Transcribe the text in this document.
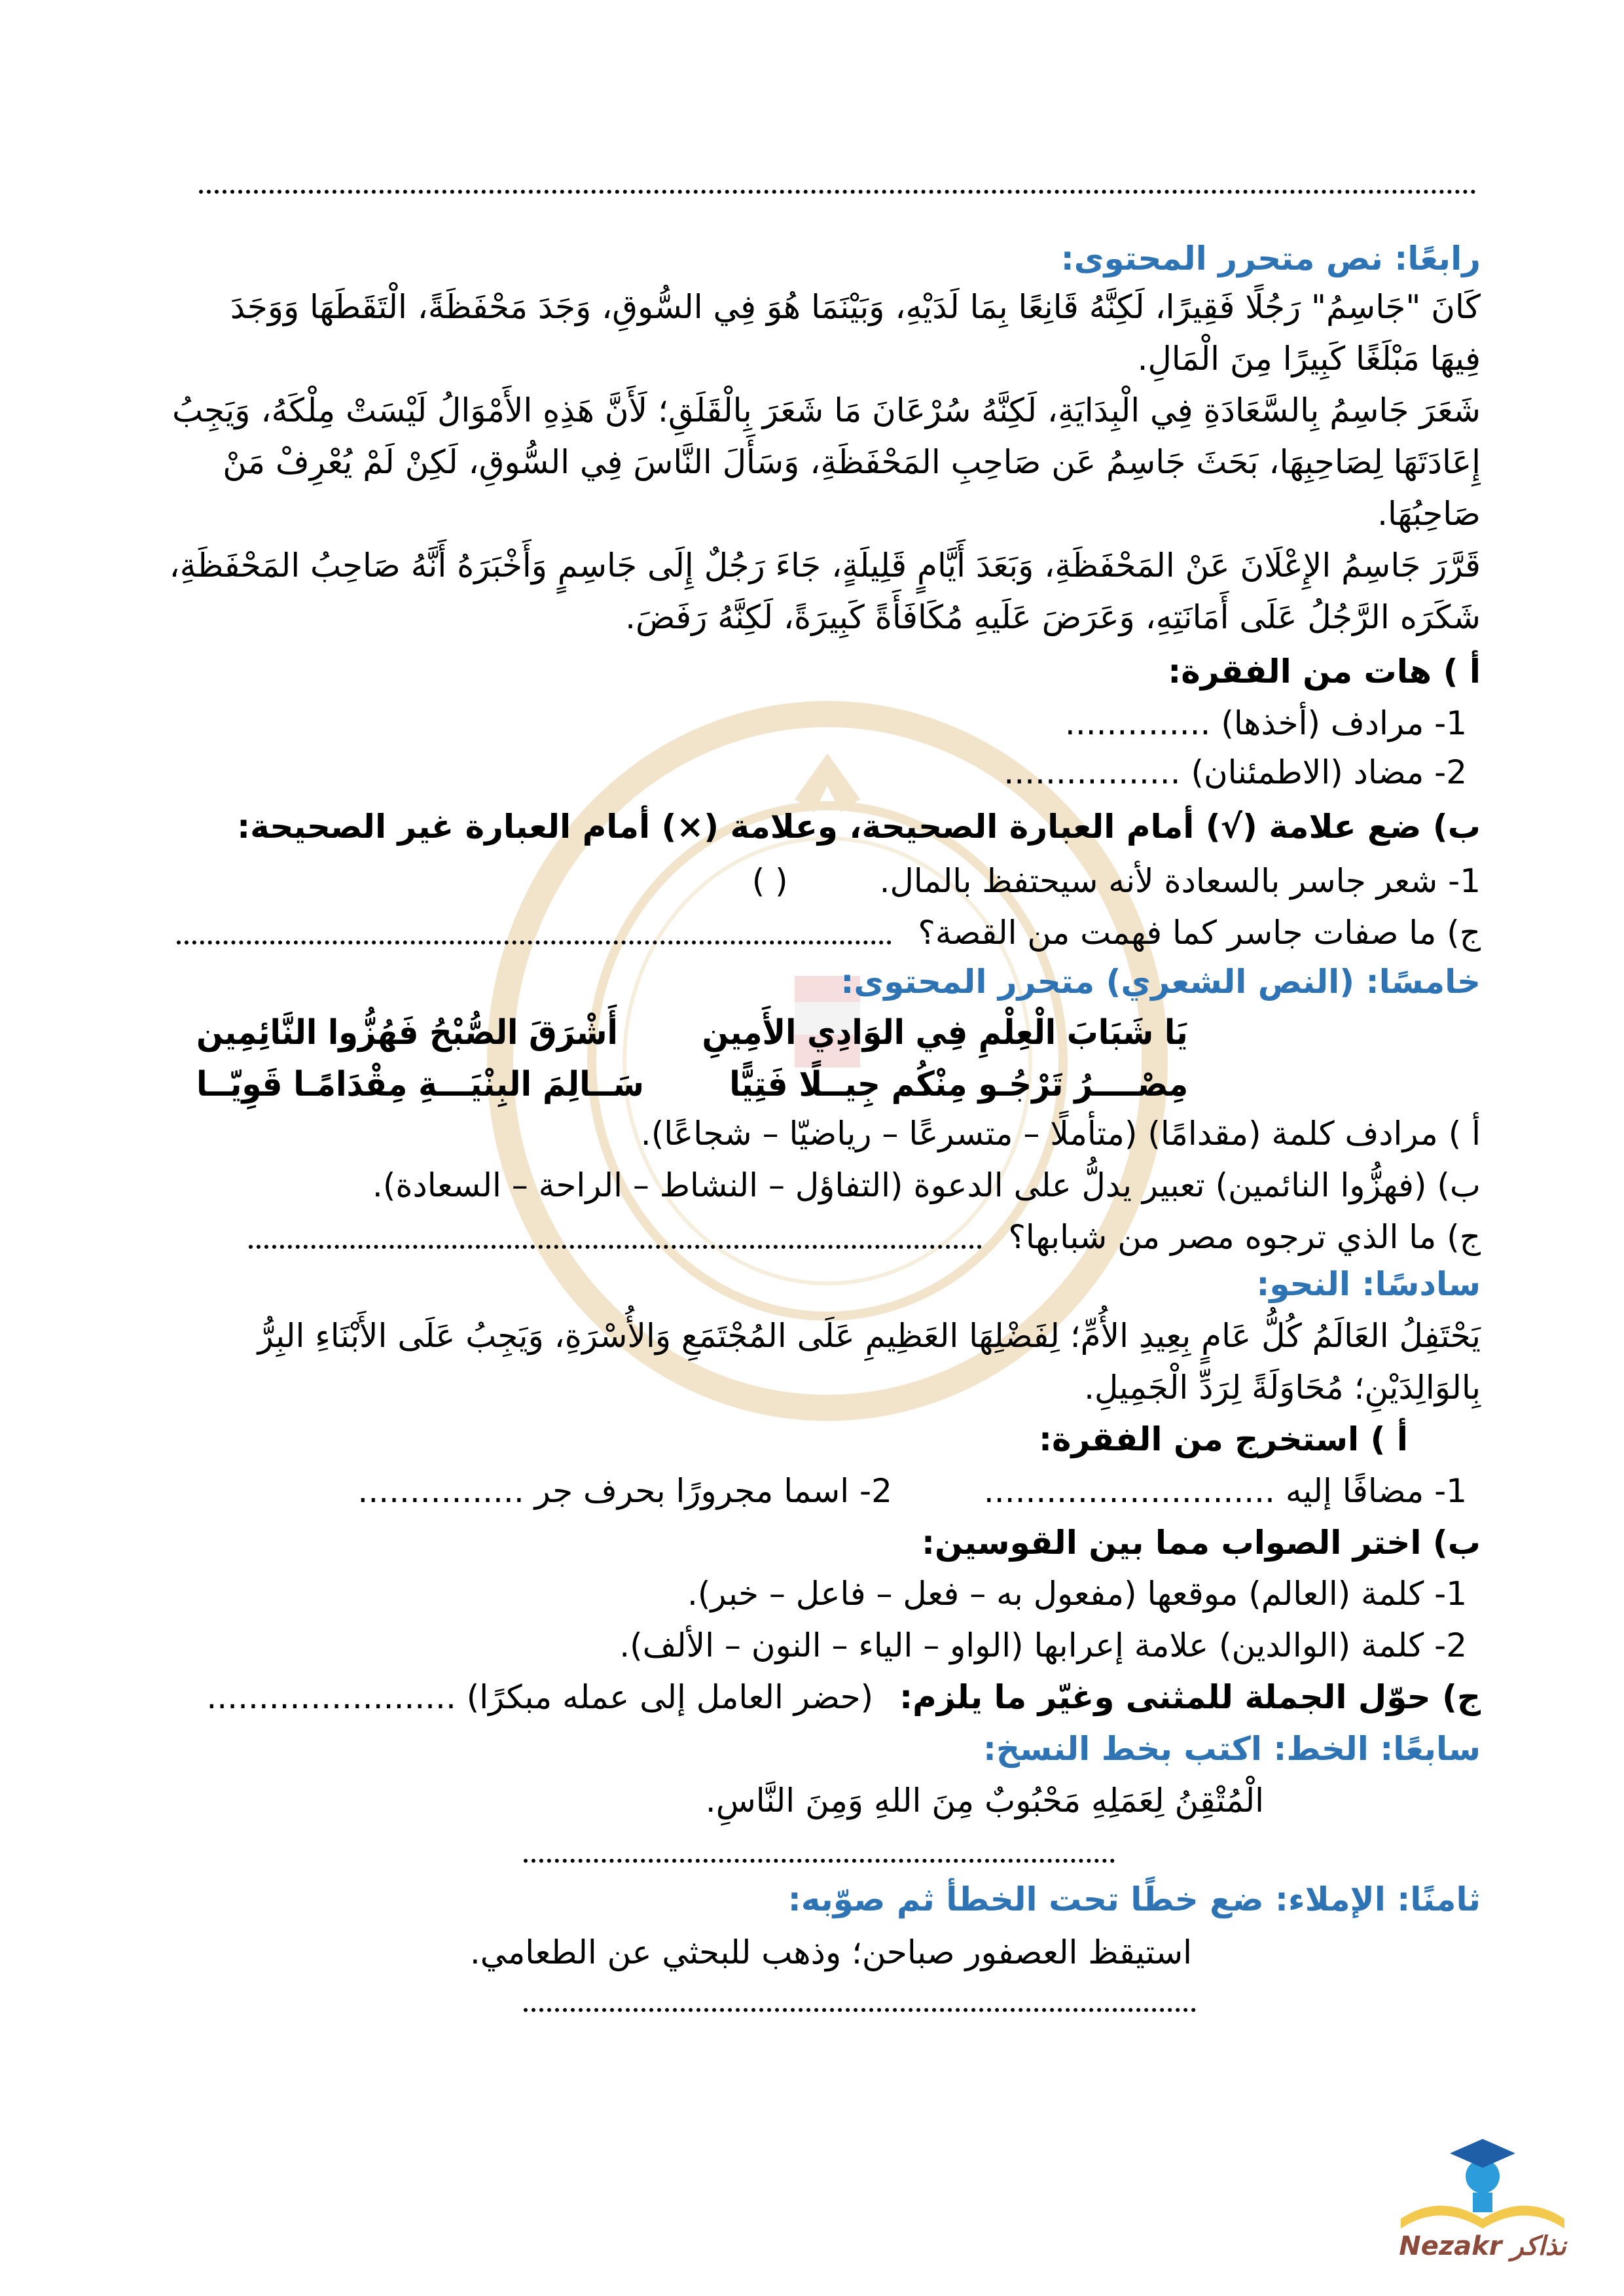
رابعًا: نص متحرر المحتوى:
كَانَ "جَاسِمُ" رَجُلًا فَقِيرًا، لَكِنَّهُ قَانِعًا بِمَا لَدَيْهِ، وَبَيْنَمَا هُوَ فِي السُّوقِ، وَجَدَ مَحْفَظَةً، الْتَقَطَهَا وَوَجَدَ
فِيهَا مَبْلَغًا كَبِيرًا مِنَ الْمَالِ.
شَعَرَ جَاسِمُ بِالسَّعَادَةِ فِي الْبِدَايَةِ، لَكِنَّهُ سُرْعَانَ مَا شَعَرَ بِالْقَلَقِ؛ لَأَنَّ هَذِهِ الأَمْوَالُ لَيْسَتْ مِلْكَهُ، وَيَجِبُ
إِعَادَتَهَا لِصَاحِبِهَا، بَحَثَ جَاسِمُ عَن صَاحِبِ المَحْفَظَةِ، وَسَأَلَ النَّاسَ فِي السُّوقِ، لَكِنْ لَمْ يُعْرِفْ مَنْ
صَاحِبُهَا.
قَرَّرَ جَاسِمُ الإِعْلَانَ عَنْ المَحْفَظَةِ، وَبَعَدَ أَيَّامٍ قَلِيلَةٍ، جَاءَ رَجُلٌ إِلَى جَاسِمٍ وَأَخْبَرَهُ أَنَّهُ صَاحِبُ المَحْفَظَةِ،
شَكَرَه الرَّجُلُ عَلَى أَمَانَتِهِ، وَعَرَضَ عَلَيهِ مُكَافَأَةً كَبِيرَةً، لَكِنَّهُ رَفَضَ.
أ ) هات من الفقرة:
1- مرادف (أخذها) ..............
2- مضاد (الاطمئنان) .................
ب) ضع علامة (√) أمام العبارة الصحيحة، وعلامة (×) أمام العبارة غير الصحيحة:
1- شعر جاسر بالسعادة لأنه سيحتفظ بالمال.
( )
ج) ما صفات جاسر كما فهمت من القصة؟
خامسًا: (النص الشعري) متحرر المحتوى:
يَا شَبَابَ الْعِلْمِ فِي الوَادِي الأَمِينِ
أَشْرَقَ الصُّبْحُ فَهُزُّوا النَّائِمِين
مِصْــــرُ تَرْجُـو مِنْكُم جِيــلًا فَتِيًّا
سَــالِمَ البِنْيَـــةِ مِقْدَامًـا قَوِيّــا
أ ) مرادف كلمة (مقدامًا) (متأملًا – متسرعًا – رياضيّا – شجاعًا).
ب) (فهزُّوا النائمين) تعبير يدلُّ على الدعوة (التفاؤل – النشاط – الراحة – السعادة).
ج) ما الذي ترجوه مصر من شبابها؟
سادسًا: النحو:
يَحْتَفِلُ العَالَمُ كُلُّ عَامٍ بِعِيدِ الأُمِّ؛ لِفَضْلِهَا العَظِيمِ عَلَى المُجْتَمَعِ وَالأُسْرَةِ، وَيَجِبُ عَلَى الأَبْنَاءِ البِرُّ
بِالوَالِدَيْنِ؛ مُحَاوَلَةً لِرَدِّ الْجَمِيلِ.
أ ) استخرج من الفقرة:
1- مضافًا إليه ............................
2- اسما مجرورًا بحرف جر ................
ب) اختر الصواب مما بين القوسين:
1- كلمة (العالم) موقعها (مفعول به – فعل – فاعل – خبر).
2- كلمة (الوالدين) علامة إعرابها (الواو – الياء – النون – الألف).
ج) حوّل الجملة للمثنى وغيّر ما يلزم:
(حضر العامل إلى عمله مبكرًا) ........................
سابعًا: الخط: اكتب بخط النسخ:
الْمُتْقِنُ لِعَمَلِهِ مَحْبُوبٌ مِنَ اللهِ وَمِنَ النَّاسِ.
ثامنًا: الإملاء: ضع خطًا تحت الخطأ ثم صوّبه:
استيقظ العصفور صباحن؛ وذهب للبحثي عن الطعامي.
Nezakr نذاكر
